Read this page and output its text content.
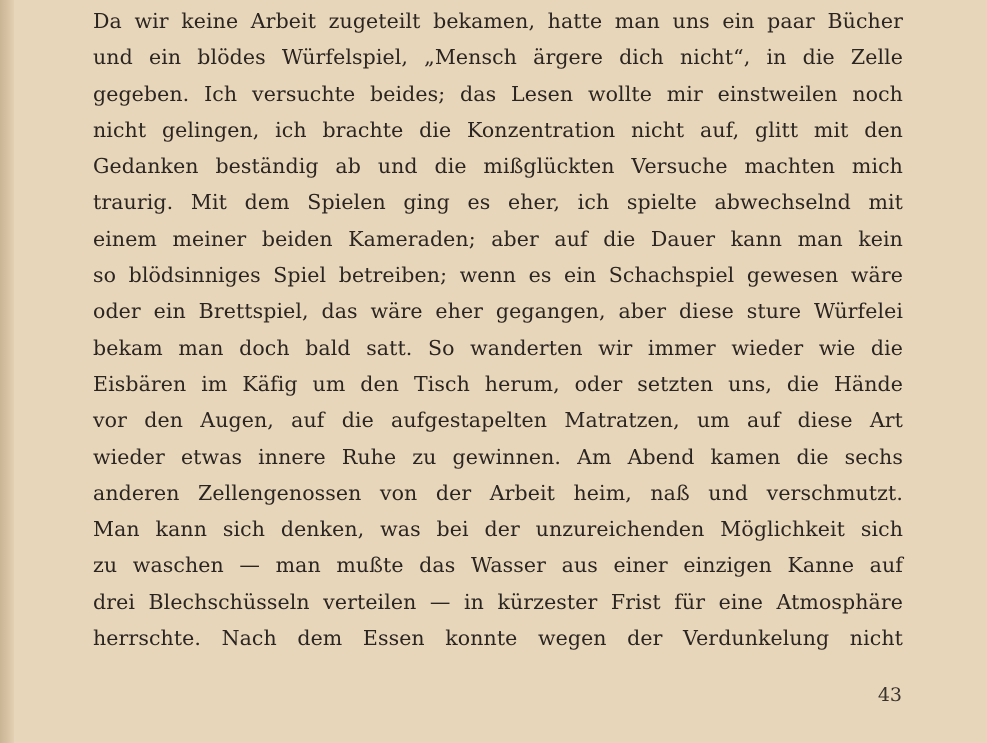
Da wir keine Arbeit zugeteilt bekamen, hatte man uns ein paar Bücher
und ein blödes Würfelspiel, „Mensch ärgere dich nicht“, in die Zelle
gegeben. Ich versuchte beides; das Lesen wollte mir einstweilen noch
nicht gelingen, ich brachte die Konzentration nicht auf, glitt mit den
Gedanken beständig ab und die mißglückten Versuche machten mich
traurig. Mit dem Spielen ging es eher, ich spielte abwechselnd mit
einem meiner beiden Kameraden; aber auf die Dauer kann man kein
so blödsinniges Spiel betreiben; wenn es ein Schachspiel gewesen wäre
oder ein Brettspiel, das wäre eher gegangen, aber diese sture Würfelei
bekam man doch bald satt. So wanderten wir immer wieder wie die
Eisbären im Käfig um den Tisch herum, oder setzten uns, die Hände
vor den Augen, auf die aufgestapelten Matratzen, um auf diese Art
wieder etwas innere Ruhe zu gewinnen. Am Abend kamen die sechs
anderen Zellengenossen von der Arbeit heim, naß und verschmutzt.
Man kann sich denken, was bei der unzureichenden Möglichkeit sich
zu waschen — man mußte das Wasser aus einer einzigen Kanne auf
drei Blechschüsseln verteilen — in kürzester Frist für eine Atmosphäre
herrschte. Nach dem Essen konnte wegen der Verdunkelung nicht
43
